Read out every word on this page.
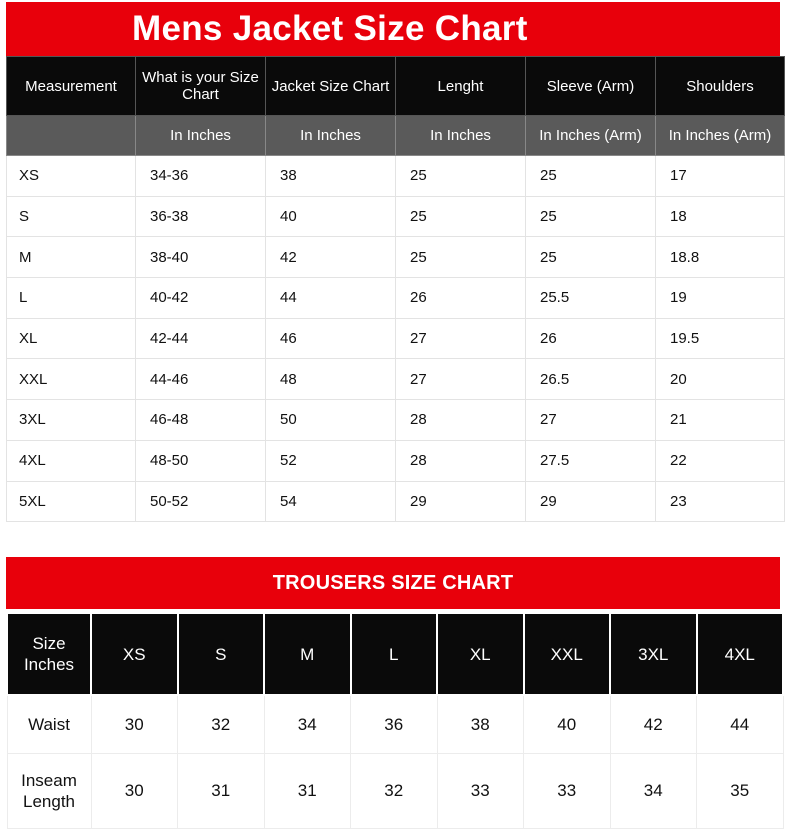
Mens Jacket Size Chart
Measurement	What is your Size Chart	Jacket Size Chart	Lenght	Sleeve (Arm)	Shoulders
	In Inches	In Inches	In Inches	In Inches (Arm)	In Inches (Arm)
XS	34-36	38	25	25	17
S	36-38	40	25	25	18
M	38-40	42	25	25	18.8
L	40-42	44	26	25.5	19
XL	42-44	46	27	26	19.5
XXL	44-46	48	27	26.5	20
3XL	46-48	50	28	27	21
4XL	48-50	52	28	27.5	22
5XL	50-52	54	29	29	23
TROUSERS SIZE CHART
Size Inches	XS	S	M	L	XL	XXL	3XL	4XL
Waist	30	32	34	36	38	40	42	44
Inseam Length	30	31	31	32	33	33	34	35
